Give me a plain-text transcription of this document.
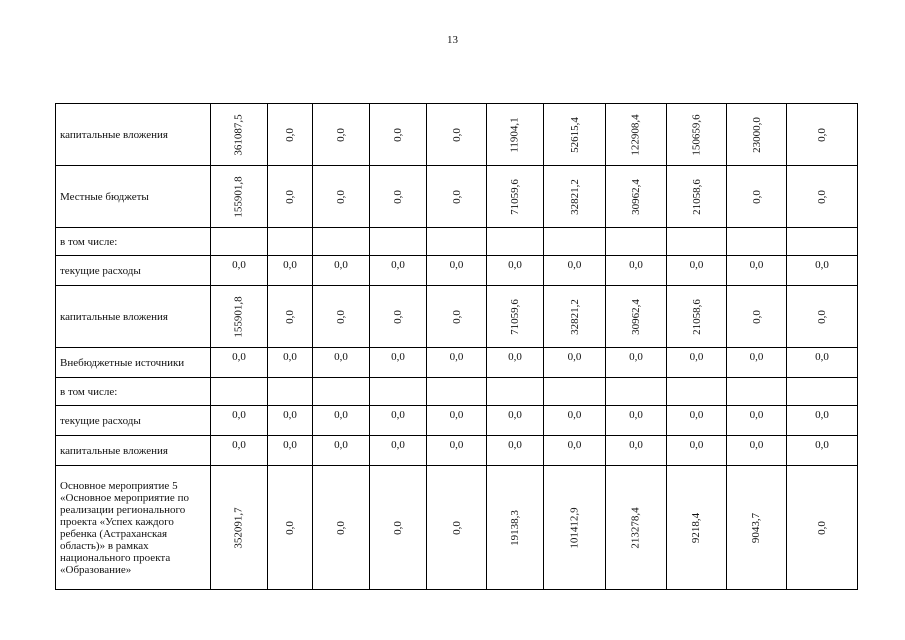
13
капитальные вложения	361087,5	0,0	0,0	0,0	0,0	11904,1	52615,4	122908,4	150659,6	23000,0	0,0
Местные бюджеты	155901,8	0,0	0,0	0,0	0,0	71059,6	32821,2	30962,4	21058,6	0,0	0,0
в том числе:											
текущие расходы	0,0	0,0	0,0	0,0	0,0	0,0	0,0	0,0	0,0	0,0	0,0
капитальные вложения	155901,8	0,0	0,0	0,0	0,0	71059,6	32821,2	30962,4	21058,6	0,0	0,0
Внебюджетные источники	0,0	0,0	0,0	0,0	0,0	0,0	0,0	0,0	0,0	0,0	0,0
в том числе:											
текущие расходы	0,0	0,0	0,0	0,0	0,0	0,0	0,0	0,0	0,0	0,0	0,0
капитальные вложения	0,0	0,0	0,0	0,0	0,0	0,0	0,0	0,0	0,0	0,0	0,0
Основное мероприятие 5 «Основное мероприятие по реализации регионального проекта «Успех каждого ребенка (Астраханская область)» в рамках национального проекта «Образование»	352091,7	0,0	0,0	0,0	0,0	19138,3	101412,9	213278,4	9218,4	9043,7	0,0
